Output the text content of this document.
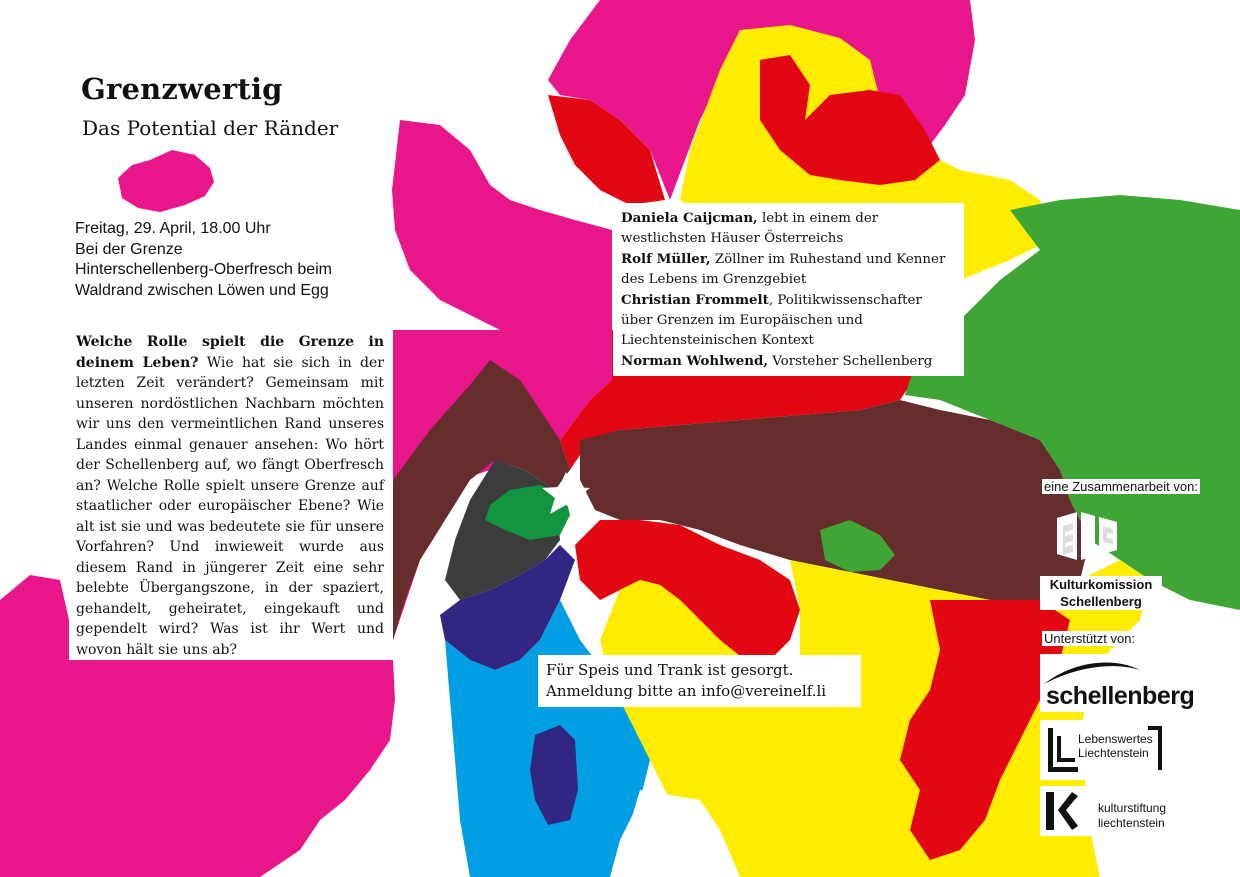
Grenzwertig
Das Potential der Ränder
Freitag, 29. April, 18.00 Uhr
Bei der Grenze
Hinterschellenberg-Oberfresch beim
Waldrand zwischen Löwen und Egg

Welche Rolle spielt die Grenze in deinem Leben? Wie hat sie sich in der letzten Zeit verändert? Gemeinsam mit unseren nordöstlichen Nachbarn möchten wir uns den vermeintlichen Rand unseres Landes einmal genauer ansehen: Wo hört der Schellenberg auf, wo fängt Oberfresch an? Welche Rolle spielt unsere Grenze auf staatlicher oder europäischer Ebene? Wie alt ist sie und was bedeutete sie für unsere Vorfahren? Und inwieweit wurde aus diesem Rand in jüngerer Zeit eine sehr belebte Übergangszone, in der spaziert, gehandelt, geheiratet, eingekauft und gependelt wird? Was ist ihr Wert und wovon hält sie uns ab?

Daniela Caijcman, lebt in einem der westlichsten Häuser Österreichs
Rolf Müller, Zöllner im Ruhestand und Kenner des Lebens im Grenzgebiet
Christian Frommelt, Politikwissenschafter über Grenzen im Europäischen und Liechtensteinischen Kontext
Norman Wohlwend, Vorsteher Schellenberg
Für Speis und Trank ist gesorgt.
Anmeldung bitte an info@vereinelf.li
eine Zusammenarbeit von:
Kulturkomission
Schellenberg
Unterstützt von:
schellenberg
Lebenswertes
Liechtenstein
kulturstiftung
liechtenstein
